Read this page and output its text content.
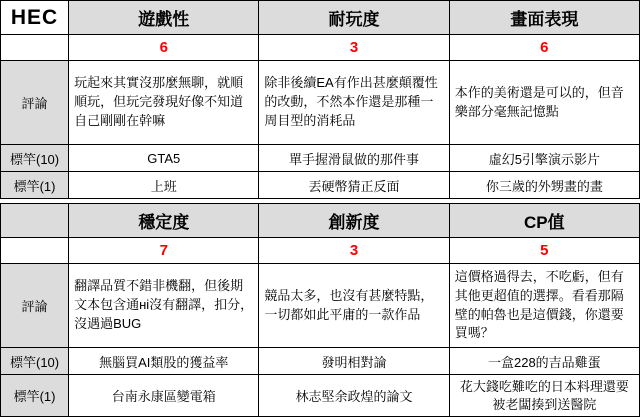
HEC	遊戲性	耐玩度	畫面表現
	6	3	6
評論	玩起來其實沒那麼無聊，就順順玩，但玩完發現好像不知道自己剛剛在幹嘛	除非後續EA有作出甚麼顛覆性的改動，不然本作還是那種一周目型的消耗品	本作的美術還是可以的，但音樂部分毫無記憶點
標竿(10)	GTA5	單手握滑鼠做的那件事	虛幻5引擎演示影片
標竿(1)	上班	丟硬幣猜正反面	你三歲的外甥畫的畫
	穩定度	創新度	CP值
	7	3	5
評論	翻譯品質不錯非機翻，但後期文本包含通ні沒有翻譯，扣分，沒遇過BUG	競品太多，也沒有甚麼特點，一切都如此平庸的一款作品	這價格過得去，不吃虧，但有其他更超值的選擇。看看那隔壁的帕魯也是這價錢，你還要買嗎？
標竿(10)	無腦買AI類股的獲益率	發明相對論	一盒228的吉品雞蛋
標竿(1)	台南永康區變電箱	林志堅余政煌的論文	花大錢吃難吃的日本料理還要被老闆揍到送醫院
